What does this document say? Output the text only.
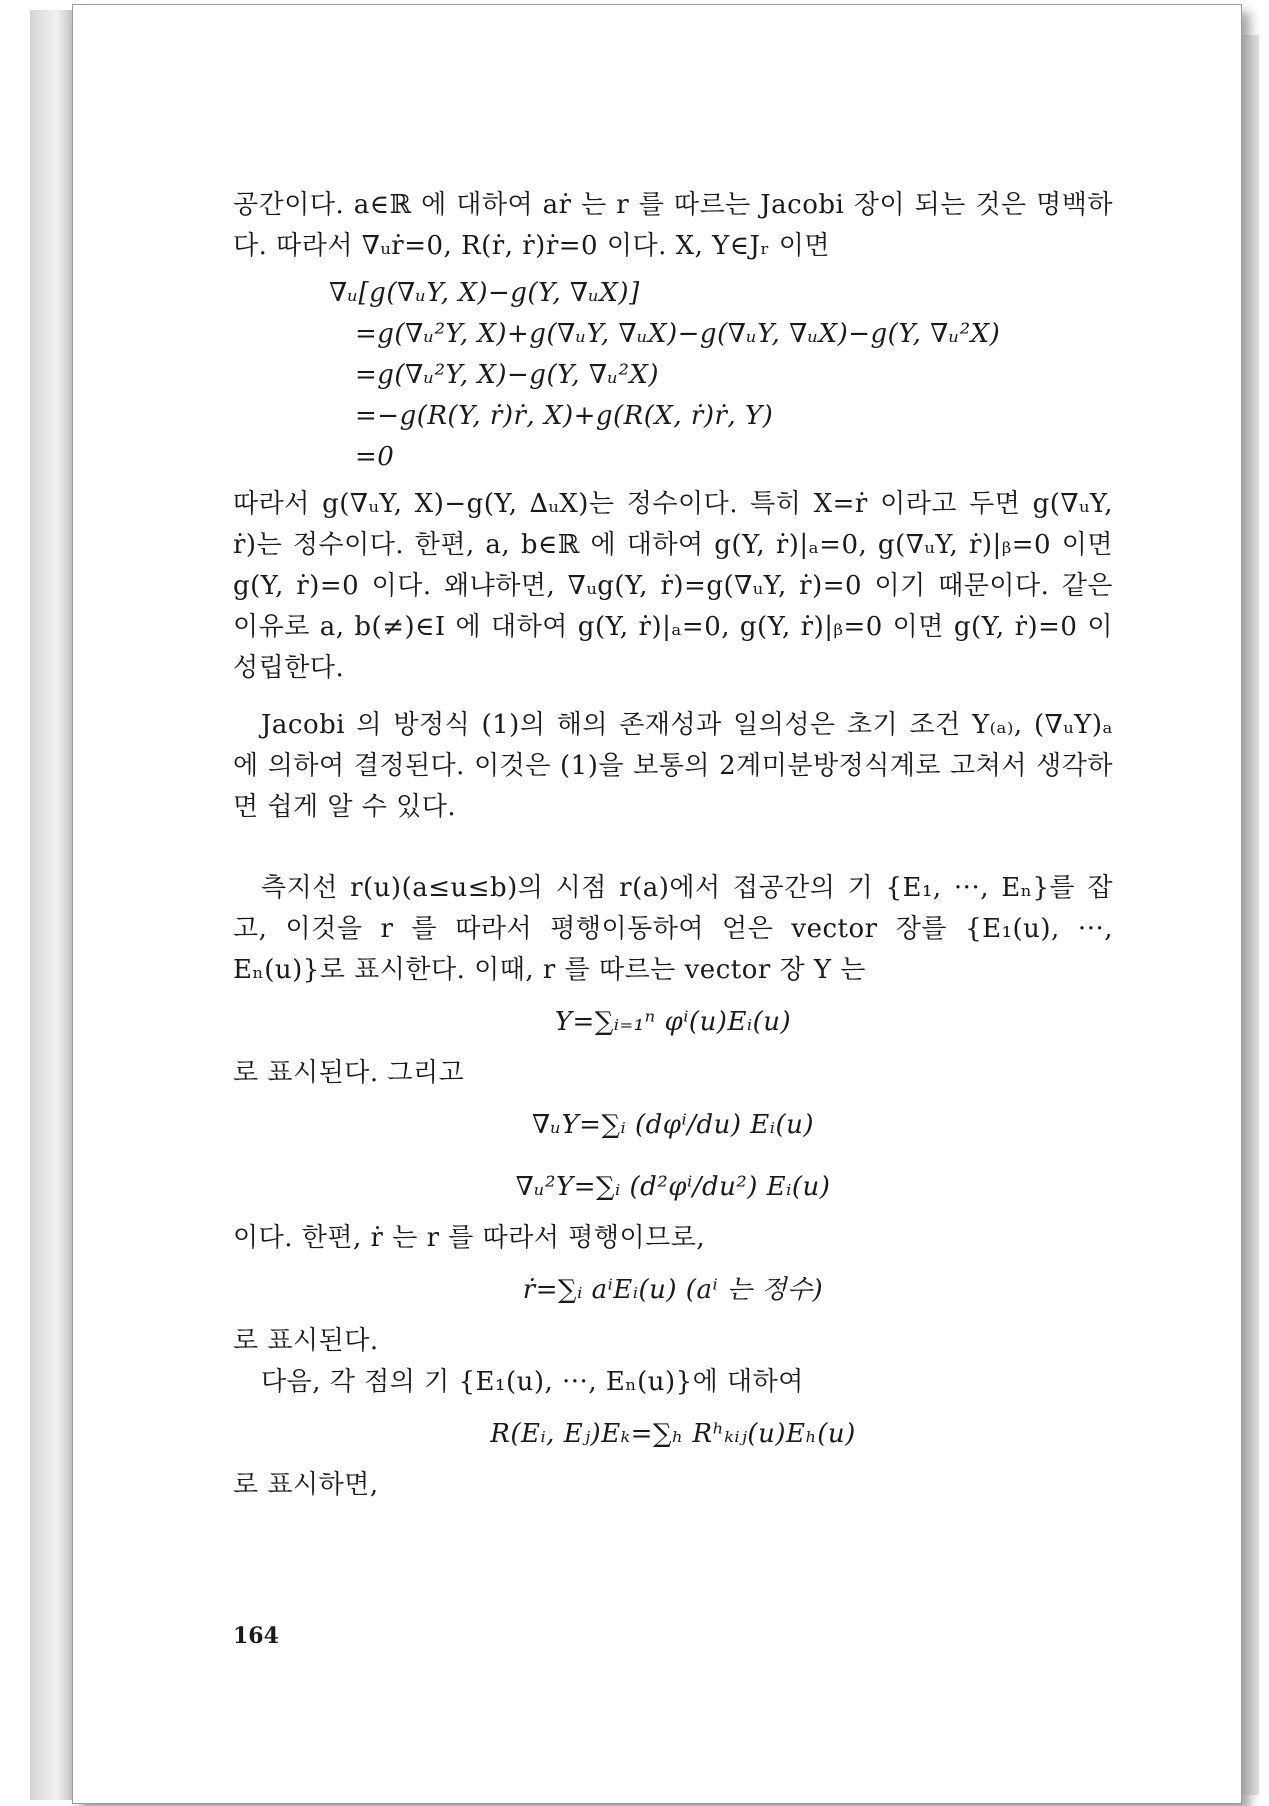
공간이다. a∈ℝ 에 대하여 aṙ 는 r 를 따르는 Jacobi 장이 되는 것은 명백하다. 따라서 ∇ᵤṙ=0, R(ṙ, ṙ)ṙ=0 이다. X, Y∈Jᵣ 이면

∇ᵤ[g(∇ᵤY, X)−g(Y, ∇ᵤX)]
=g(∇ᵤ²Y, X)+g(∇ᵤY, ∇ᵤX)−g(∇ᵤY, ∇ᵤX)−g(Y, ∇ᵤ²X)
=g(∇ᵤ²Y, X)−g(Y, ∇ᵤ²X)
=−g(R(Y, ṙ)ṙ, X)+g(R(X, ṙ)ṙ, Y)
=0

따라서 g(∇ᵤY, X)−g(Y, ∆ᵤX)는 정수이다. 특히 X=ṙ 이라고 두면 g(∇ᵤY, ṙ)는 정수이다. 한편, a, b∈ℝ 에 대하여 g(Y, ṙ)|ₐ=0, g(∇ᵤY, ṙ)|ᵦ=0 이면 g(Y, ṙ)=0 이다. 왜냐하면, ∇ᵤg(Y, ṙ)=g(∇ᵤY, ṙ)=0 이기 때문이다. 같은 이유로 a, b(≠)∈I 에 대하여 g(Y, ṙ)|ₐ=0, g(Y, ṙ)|ᵦ=0 이면 g(Y, ṙ)=0 이 성립한다.

Jacobi 의 방정식 (1)의 해의 존재성과 일의성은 초기 조건 Y₍ₐ₎, (∇ᵤY)ₐ 에 의하여 결정된다. 이것은 (1)을 보통의 2계미분방정식계로 고쳐서 생각하면 쉽게 알 수 있다.

측지선 r(u)(a≤u≤b)의 시점 r(a)에서 접공간의 기 {E₁, ···, Eₙ}를 잡고, 이것을 r 를 따라서 평행이동하여 얻은 vector 장를 {E₁(u), ···, Eₙ(u)}로 표시한다. 이때, r 를 따르는 vector 장 Y 는

Y=∑ᵢ₌₁ⁿ φⁱ(u)Eᵢ(u)

로 표시된다. 그리고

∇ᵤY=∑ᵢ (dφⁱ/du) Eᵢ(u)
∇ᵤ²Y=∑ᵢ (d²φⁱ/du²) Eᵢ(u)

이다. 한편, ṙ 는 r 를 따라서 평행이므로,

ṙ=∑ᵢ aⁱEᵢ(u) (aⁱ 는 정수)

로 표시된다.

다음, 각 점의 기 {E₁(u), ···, Eₙ(u)}에 대하여

R(Eᵢ, Eⱼ)Eₖ=∑ₕ Rʰₖᵢⱼ(u)Eₕ(u)

로 표시하면,

164
